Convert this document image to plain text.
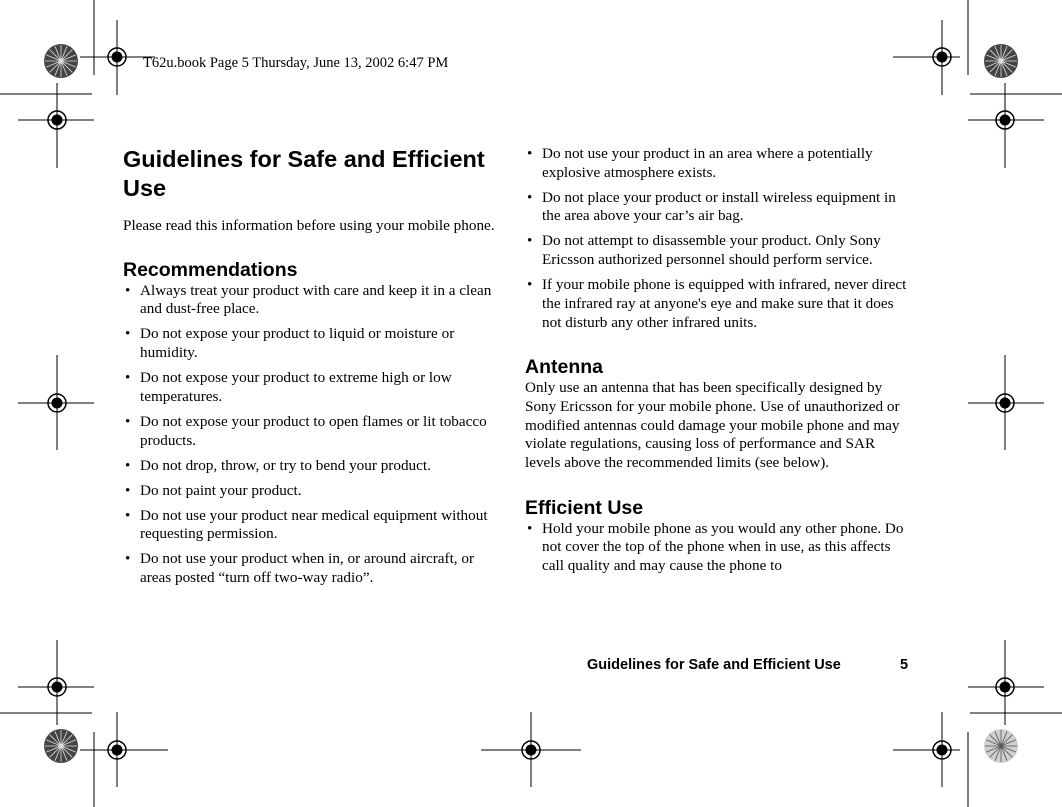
T62u.book Page 5 Thursday, June 13, 2002 6:47 PM
Guidelines for Safe and Efficient Use

Please read this information before using your mobile phone.

Recommendations
• Always treat your product with care and keep it in a clean and dust-free place.
• Do not expose your product to liquid or moisture or humidity.
• Do not expose your product to extreme high or low temperatures.
• Do not expose your product to open flames or lit tobacco products.
• Do not drop, throw, or try to bend your product.
• Do not paint your product.
• Do not use your product near medical equipment without requesting permission.
• Do not use your product when in, or around aircraft, or areas posted “turn off two-way radio”.
• Do not use your product in an area where a potentially explosive atmosphere exists.
• Do not place your product or install wireless equipment in the area above your car’s air bag.
• Do not attempt to disassemble your product. Only Sony Ericsson authorized personnel should perform service.
• If your mobile phone is equipped with infrared, never direct the infrared ray at anyone's eye and make sure that it does not disturb any other infrared units.
Antenna

Only use an antenna that has been specifically designed by Sony Ericsson for your mobile phone. Use of unauthorized or modified antennas could damage your mobile phone and may violate regulations, causing loss of performance and SAR levels above the recommended limits (see below).

Efficient Use
• Hold your mobile phone as you would any other phone. Do not cover the top of the phone when in use, as this affects call quality and may cause the phone to
Guidelines for Safe and Efficient Use	5
